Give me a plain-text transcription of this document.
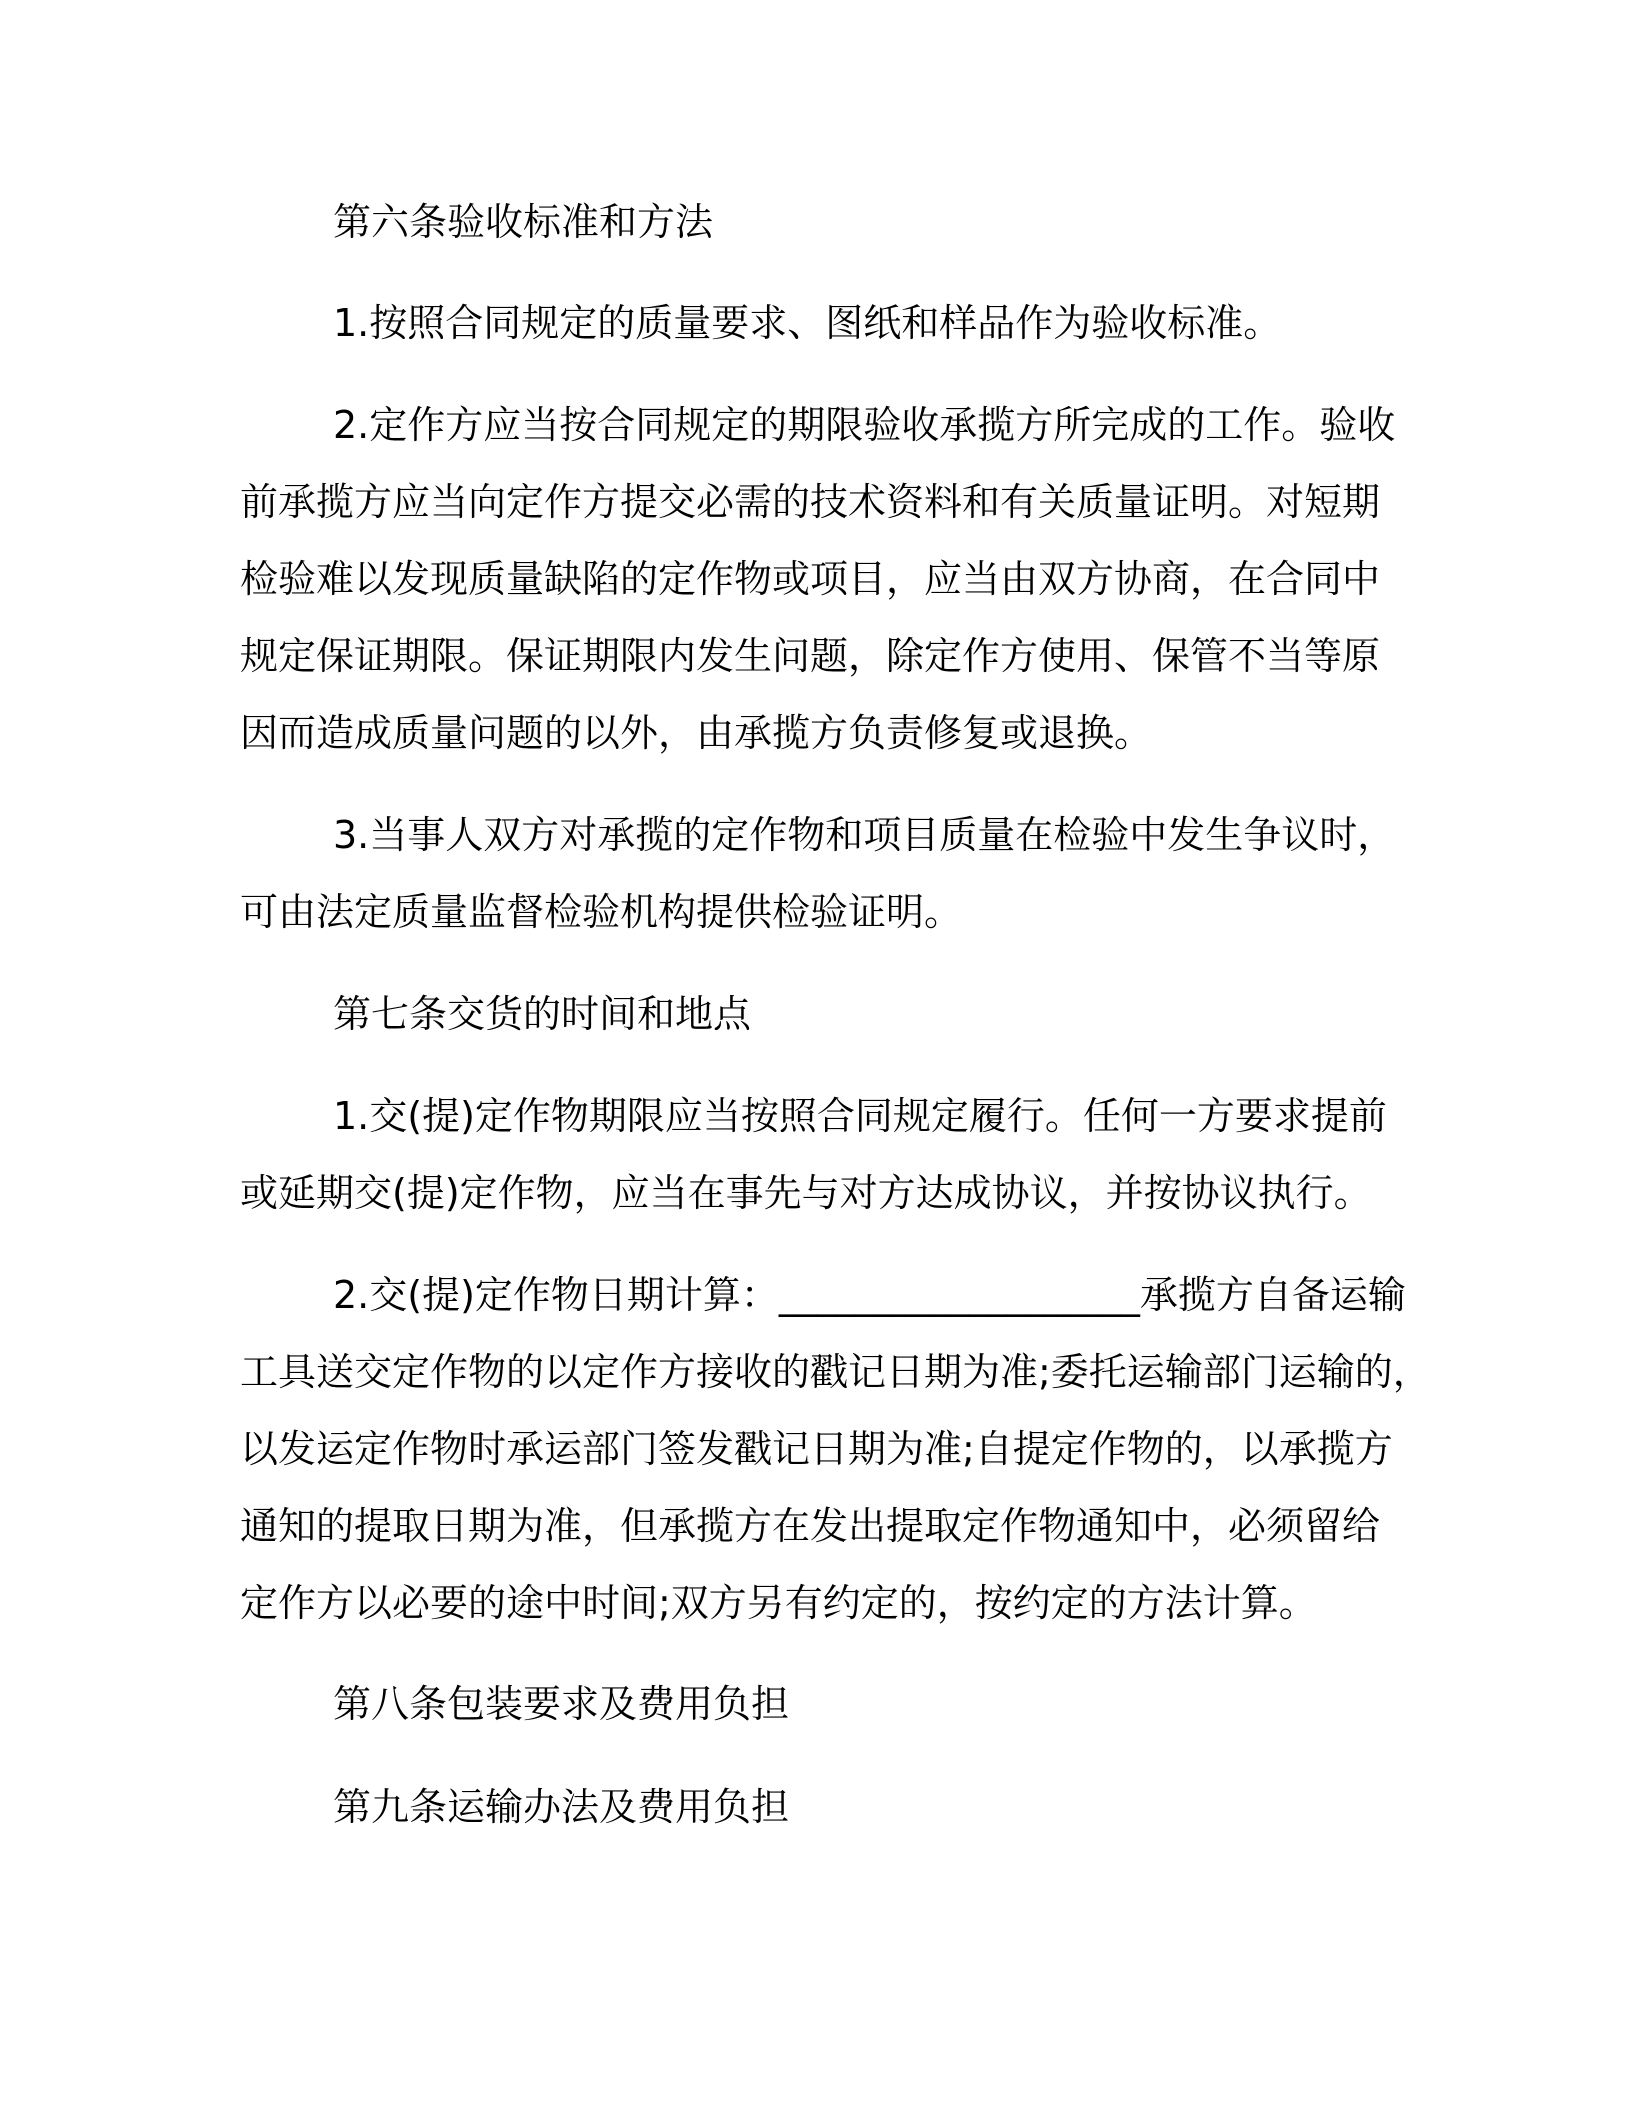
第六条验收标准和方法
1.按照合同规定的质量要求、图纸和样品作为验收标准。
2.定作方应当按合同规定的期限验收承揽方所完成的工作。验收
前承揽方应当向定作方提交必需的技术资料和有关质量证明。对短期
检验难以发现质量缺陷的定作物或项目，应当由双方协商，在合同中
规定保证期限。保证期限内发生问题，除定作方使用、保管不当等原
因而造成质量问题的以外，由承揽方负责修复或退换。
3.当事人双方对承揽的定作物和项目质量在检验中发生争议时，
可由法定质量监督检验机构提供检验证明。
第七条交货的时间和地点
1.交(提)定作物期限应当按照合同规定履行。任何一方要求提前
或延期交(提)定作物，应当在事先与对方达成协议，并按协议执行。
2.交(提)定作物日期计算：___________________承揽方自备运输
工具送交定作物的以定作方接收的戳记日期为准;委托运输部门运输的，
以发运定作物时承运部门签发戳记日期为准;自提定作物的，以承揽方
通知的提取日期为准，但承揽方在发出提取定作物通知中，必须留给
定作方以必要的途中时间;双方另有约定的，按约定的方法计算。
第八条包装要求及费用负担
第九条运输办法及费用负担
